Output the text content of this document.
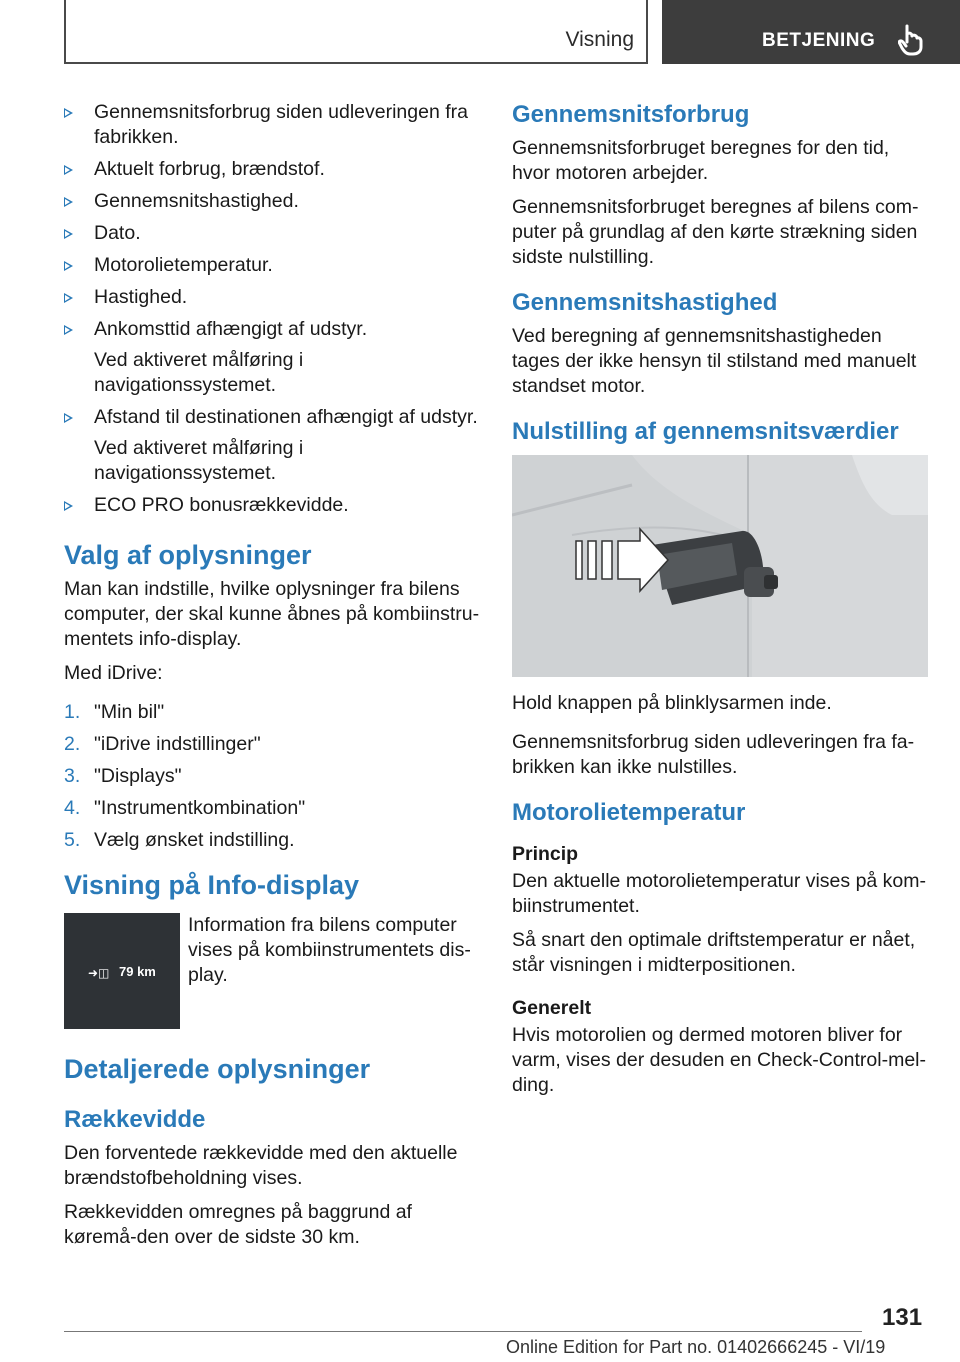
Visning	BETJENING
Gennemsnitsforbrug siden udleveringen fra fabrikken.
Aktuelt forbrug, brændstof.
Gennemsnitshastighed.
Dato.
Motorolietemperatur.
Hastighed.
Ankomsttid afhængigt af udstyr.
Ved aktiveret målføring i navigationssystemet.
Afstand til destinationen afhængigt af udstyr.
Ved aktiveret målføring i navigationssystemet.
ECO PRO bonusrækkevidde.
Valg af oplysninger

Man kan indstille, hvilke oplysninger fra bilens computer, der skal kunne åbnes på kombiinstru-mentets info-display.

Med iDrive:

1. "Min bil"
2. "iDrive indstillinger"
3. "Displays"
4. "Instrumentkombination"
5. Vælg ønsket indstilling.
Visning på Info-display
➜◫ 79 km
Information fra bilens computer vises på kombiinstrumentets dis-play.
Detaljerede oplysninger
Rækkevidde

Den forventede rækkevidde med den aktuelle brændstofbeholdning vises.

Rækkevidden omregnes på baggrund af køremå-den over de sidste 30 km.

Gennemsnitsforbrug

Gennemsnitsforbruget beregnes for den tid, hvor motoren arbejder.

Gennemsnitsforbruget beregnes af bilens com-puter på grundlag af den kørte strækning siden sidste nulstilling.

Gennemsnitshastighed

Ved beregning af gennemsnitshastigheden tages der ikke hensyn til stilstand med manuelt standset motor.

Nulstilling af gennemsnitsværdier

Hold knappen på blinklysarmen inde.

Gennemsnitsforbrug siden udleveringen fra fa-brikken kan ikke nulstilles.

Motorolietemperatur
Princip

Den aktuelle motorolietemperatur vises på kom-biinstrumentet.

Så snart den optimale driftstemperatur er nået, står visningen i midterpositionen.

Generelt

Hvis motorolien og dermed motoren bliver for varm, vises der desuden en Check-Control-mel-ding.

131
Online Edition for Part no. 01402666245 - VI/19
